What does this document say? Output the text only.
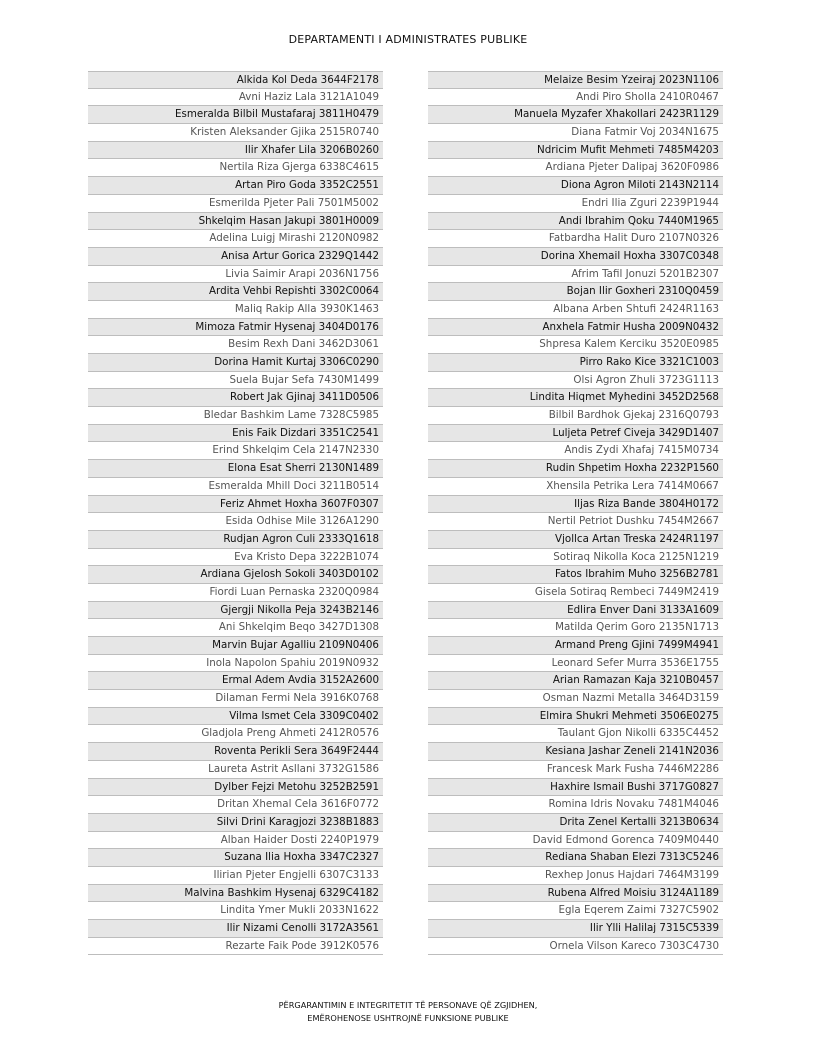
DEPARTAMENTI I ADMINISTRATES PUBLIKE
Alkida Kol Deda 3644F2178
Avni Haziz Lala 3121A1049
Esmeralda Bilbil Mustafaraj 3811H0479
Kristen Aleksander Gjika 2515R0740
Ilir Xhafer Lila 3206B0260
Nertila Riza Gjerga 6338C4615
Artan Piro Goda 3352C2551
Esmerilda Pjeter Pali 7501M5002
Shkelqim Hasan Jakupi 3801H0009
Adelina Luigj Mirashi 2120N0982
Anisa Artur Gorica 2329Q1442
Livia Saimir Arapi 2036N1756
Ardita Vehbi Repishti 3302C0064
Maliq Rakip Alla 3930K1463
Mimoza Fatmir Hysenaj 3404D0176
Besim Rexh Dani 3462D3061
Dorina Hamit Kurtaj 3306C0290
Suela Bujar Sefa 7430M1499
Robert Jak Gjinaj 3411D0506
Bledar Bashkim Lame 7328C5985
Enis Faik Dizdari 3351C2541
Erind Shkelqim Cela 2147N2330
Elona Esat Sherri 2130N1489
Esmeralda Mhill Doci 3211B0514
Feriz Ahmet Hoxha 3607F0307
Esida Odhise Mile 3126A1290
Rudjan Agron Culi 2333Q1618
Eva Kristo Depa 3222B1074
Ardiana Gjelosh Sokoli 3403D0102
Fiordi Luan Pernaska 2320Q0984
Gjergji Nikolla Peja 3243B2146
Ani Shkelqim Beqo 3427D1308
Marvin Bujar Agalliu 2109N0406
Inola Napolon Spahiu 2019N0932
Ermal Adem Avdia 3152A2600
Dilaman Fermi Nela 3916K0768
Vilma Ismet Cela 3309C0402
Gladjola Preng Ahmeti 2412R0576
Roventa Perikli Sera 3649F2444
Laureta Astrit Asllani 3732G1586
Dylber Fejzi Metohu 3252B2591
Dritan Xhemal Cela 3616F0772
Silvi Drini Karagjozi 3238B1883
Alban Haider Dosti 2240P1979
Suzana Ilia Hoxha 3347C2327
Ilirian Pjeter Engjelli 6307C3133
Malvina Bashkim Hysenaj 6329C4182
Lindita Ymer Mukli 2033N1622
Ilir Nizami Cenolli 3172A3561
Rezarte Faik Pode 3912K0576
Melaize Besim Yzeiraj 2023N1106
Andi Piro Sholla 2410R0467
Manuela Myzafer Xhakollari 2423R1129
Diana Fatmir Voj 2034N1675
Ndricim Mufit Mehmeti 7485M4203
Ardiana Pjeter Dalipaj 3620F0986
Diona Agron Miloti 2143N2114
Endri Ilia Zguri 2239P1944
Andi Ibrahim Qoku 7440M1965
Fatbardha Halit Duro 2107N0326
Dorina Xhemail Hoxha 3307C0348
Afrim Tafil Jonuzi 5201B2307
Bojan Ilir Goxheri 2310Q0459
Albana Arben Shtufi 2424R1163
Anxhela Fatmir Husha 2009N0432
Shpresa Kalem Kerciku 3520E0985
Pirro Rako Kice 3321C1003
Olsi Agron Zhuli 3723G1113
Lindita Hiqmet Myhedini 3452D2568
Bilbil Bardhok Gjekaj 2316Q0793
Luljeta Petref Civeja 3429D1407
Andis Zydi Xhafaj 7415M0734
Rudin Shpetim Hoxha 2232P1560
Xhensila Petrika Lera 7414M0667
Iljas Riza Bande 3804H0172
Nertil Petriot Dushku 7454M2667
Vjollca Artan Treska 2424R1197
Sotiraq Nikolla Koca 2125N1219
Fatos Ibrahim Muho 3256B2781
Gisela Sotiraq Rembeci 7449M2419
Edlira Enver Dani 3133A1609
Matilda Qerim Goro 2135N1713
Armand Preng Gjini 7499M4941
Leonard Sefer Murra 3536E1755
Arian Ramazan Kaja 3210B0457
Osman Nazmi Metalla 3464D3159
Elmira Shukri Mehmeti 3506E0275
Taulant Gjon Nikolli 6335C4452
Kesiana Jashar Zeneli 2141N2036
Francesk Mark Fusha 7446M2286
Haxhire Ismail Bushi 3717G0827
Romina Idris Novaku 7481M4046
Drita Zenel Kertalli 3213B0634
David Edmond Gorenca 7409M0440
Rediana Shaban Elezi 7313C5246
Rexhep Jonus Hajdari 7464M3199
Rubena Alfred Moisiu 3124A1189
Egla Eqerem Zaimi 7327C5902
Ilir Ylli Halilaj 7315C5339
Ornela Vilson Kareco 7303C4730
PËRGARANTIMIN E INTEGRITETIT TË PERSONAVE QË ZGJIDHEN,
EMËROHENOSE USHTROJNË FUNKSIONE PUBLIKE
